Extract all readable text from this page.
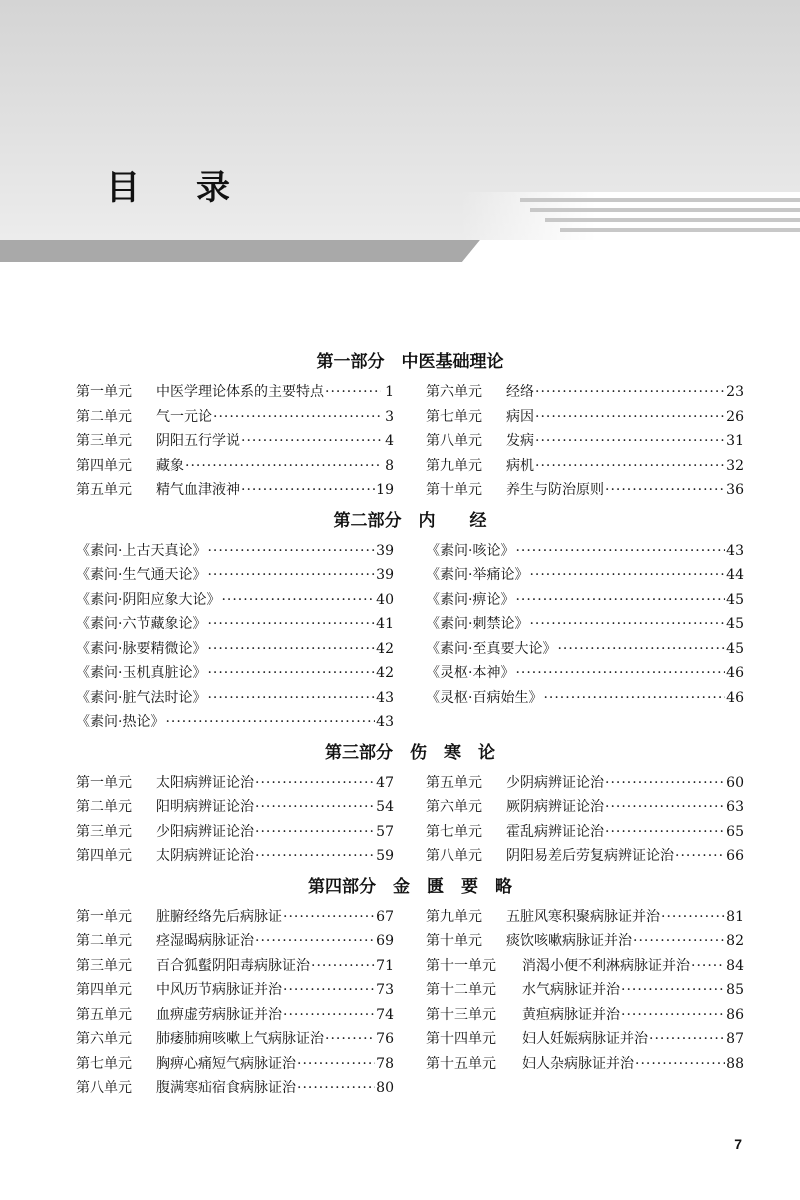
目录
第一部分　中医基础理论
第一单元	中医学理论体系的主要特点 ·····	1
第二单元	气一元论 ·····	3
第三单元	阴阳五行学说 ·····	4
第四单元	藏象 ·····	8
第五单元	精气血津液神 ·····	19
第六单元	经络 ·····	23
第七单元	病因 ·····	26
第八单元	发病 ·····	31
第九单元	病机 ·····	32
第十单元	养生与防治原则 ·····	36
第二部分　内　　经
《素问·上古天真论》 ·····	39
《素问·生气通天论》 ·····	39
《素问·阴阳应象大论》 ·····	40
《素问·六节藏象论》 ·····	41
《素问·脉要精微论》 ·····	42
《素问·玉机真脏论》 ·····	42
《素问·脏气法时论》 ·····	43
《素问·热论》 ·····	43
《素问·咳论》 ·····	43
《素问·举痛论》 ·····	44
《素问·痹论》 ·····	45
《素问·刺禁论》 ·····	45
《素问·至真要大论》 ·····	45
《灵枢·本神》 ·····	46
《灵枢·百病始生》 ·····	46
第三部分　伤　寒　论
第一单元	太阳病辨证论治 ·····	47
第二单元	阳明病辨证论治 ·····	54
第三单元	少阳病辨证论治 ·····	57
第四单元	太阴病辨证论治 ·····	59
第五单元	少阴病辨证论治 ·····	60
第六单元	厥阴病辨证论治 ·····	63
第七单元	霍乱病辨证论治 ·····	65
第八单元	阴阳易差后劳复病辨证论治 ·····	66
第四部分　金　匮　要　略
第一单元	脏腑经络先后病脉证 ·····	67
第二单元	痉湿暍病脉证治 ·····	69
第三单元	百合狐蟚阴阳毒病脉证治 ·····	71
第四单元	中风历节病脉证并治 ·····	73
第五单元	血痹虚劳病脉证并治 ·····	74
第六单元	肺痿肺痈咳嗽上气病脉证治 ·····	76
第七单元	胸痹心痛短气病脉证治 ·····	78
第八单元	腹满寒疝宿食病脉证治 ·····	80
第九单元	五脏风寒积聚病脉证并治 ·····	81
第十单元	痰饮咳嗽病脉证并治 ·····	82
第十一单元	消渴小便不利淋病脉证并治 ·····	84
第十二单元	水气病脉证并治 ·····	85
第十三单元	黄疸病脉证并治 ·····	86
第十四单元	妇人妊娠病脉证并治 ·····	87
第十五单元	妇人杂病脉证并治 ·····	88
7
